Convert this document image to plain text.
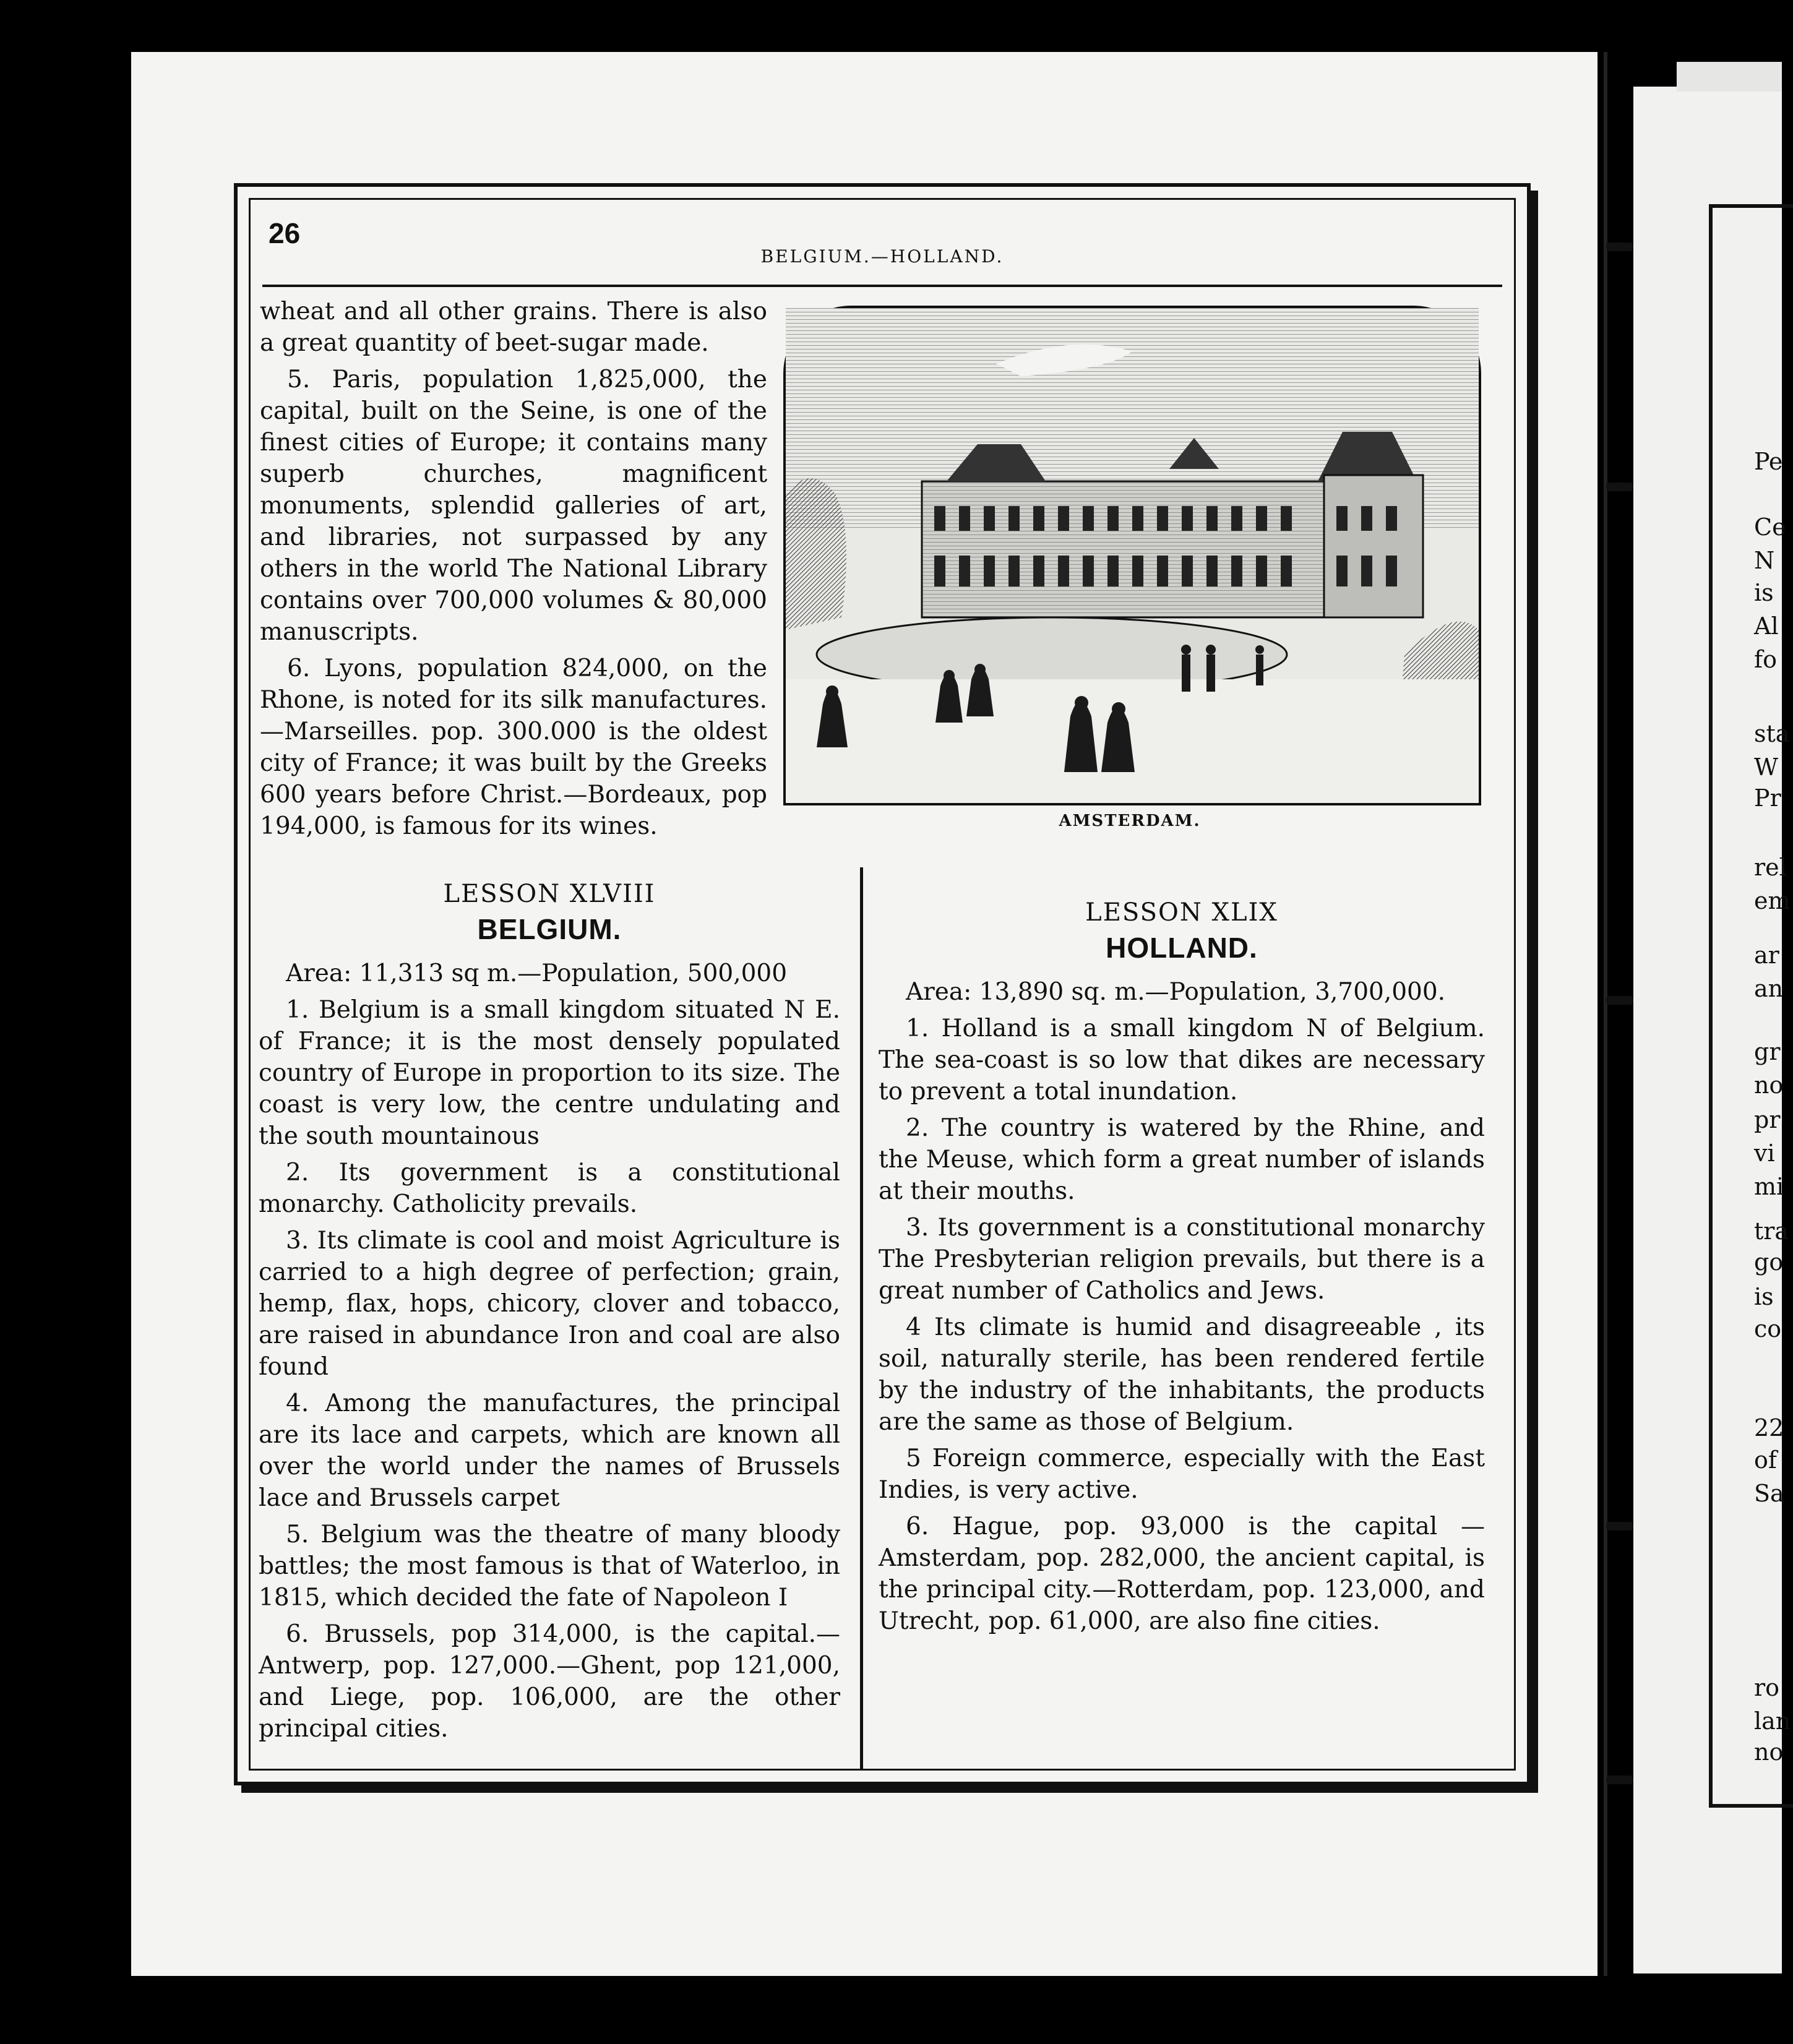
Pe
Ce
N
is
Al
fo
sta
W
Pr
rel
em
ar
an
gr
no
pr
vi
mi
tra
go
is
co
22
of
Sa
ro
lan
no
26
BELGIUM.—HOLLAND.

wheat and all other grains. There is also a great quantity of beet-sugar made.

5. Paris, population 1,825,000, the capital, built on the Seine, is one of the finest cities of Europe; it contains many superb churches, magnificent monuments, splendid galleries of art, and libraries, not surpassed by any others in the world The National Library contains over 700,000 volumes & 80,000 manuscripts.

6. Lyons, population 824,000, on the Rhone, is noted for its silk manufactures.—Marseilles. pop. 300.000 is the oldest city of France; it was built by the Greeks 600 years before Christ.—Bordeaux, pop 194,000, is famous for its wines.	AMSTERDAM.
LESSON XLVIII
BELGIUM.

Area: 11,313 sq m.—Population, 500,000

1. Belgium is a small kingdom situated N E. of France; it is the most densely populated country of Europe in proportion to its size. The coast is very low, the centre undulating and the south mountainous

2. Its government is a constitutional monarchy. Catholicity prevails.

3. Its climate is cool and moist Agriculture is carried to a high degree of perfection; grain, hemp, flax, hops, chicory, clover and tobacco, are raised in abundance Iron and coal are also found

4. Among the manufactures, the principal are its lace and carpets, which are known all over the world under the names of Brussels lace and Brussels carpet

5. Belgium was the theatre of many bloody battles; the most famous is that of Waterloo, in 1815, which decided the fate of Napoleon I

6. Brussels, pop 314,000, is the capital.—Antwerp, pop. 127,000.—Ghent, pop 121,000, and Liege, pop. 106,000, are the other principal cities.

LESSON XLIX
HOLLAND.

Area: 13,890 sq. m.—Population, 3,700,000.

1. Holland is a small kingdom N of Belgium. The sea-coast is so low that dikes are necessary to prevent a total inundation.

2. The country is watered by the Rhine, and the Meuse, which form a great number of islands at their mouths.

3. Its government is a constitutional monarchy The Presbyterian religion prevails, but there is a great number of Catholics and Jews.

4 Its climate is humid and disagreeable , its soil, naturally sterile, has been rendered fertile by the industry of the inhabitants, the products are the same as those of Belgium.

5 Foreign commerce, especially with the East Indies, is very active.

6. Hague, pop. 93,000 is the capital —Amsterdam, pop. 282,000, the ancient capital, is the principal city.—Rotterdam, pop. 123,000, and Utrecht, pop. 61,000, are also fine cities.
